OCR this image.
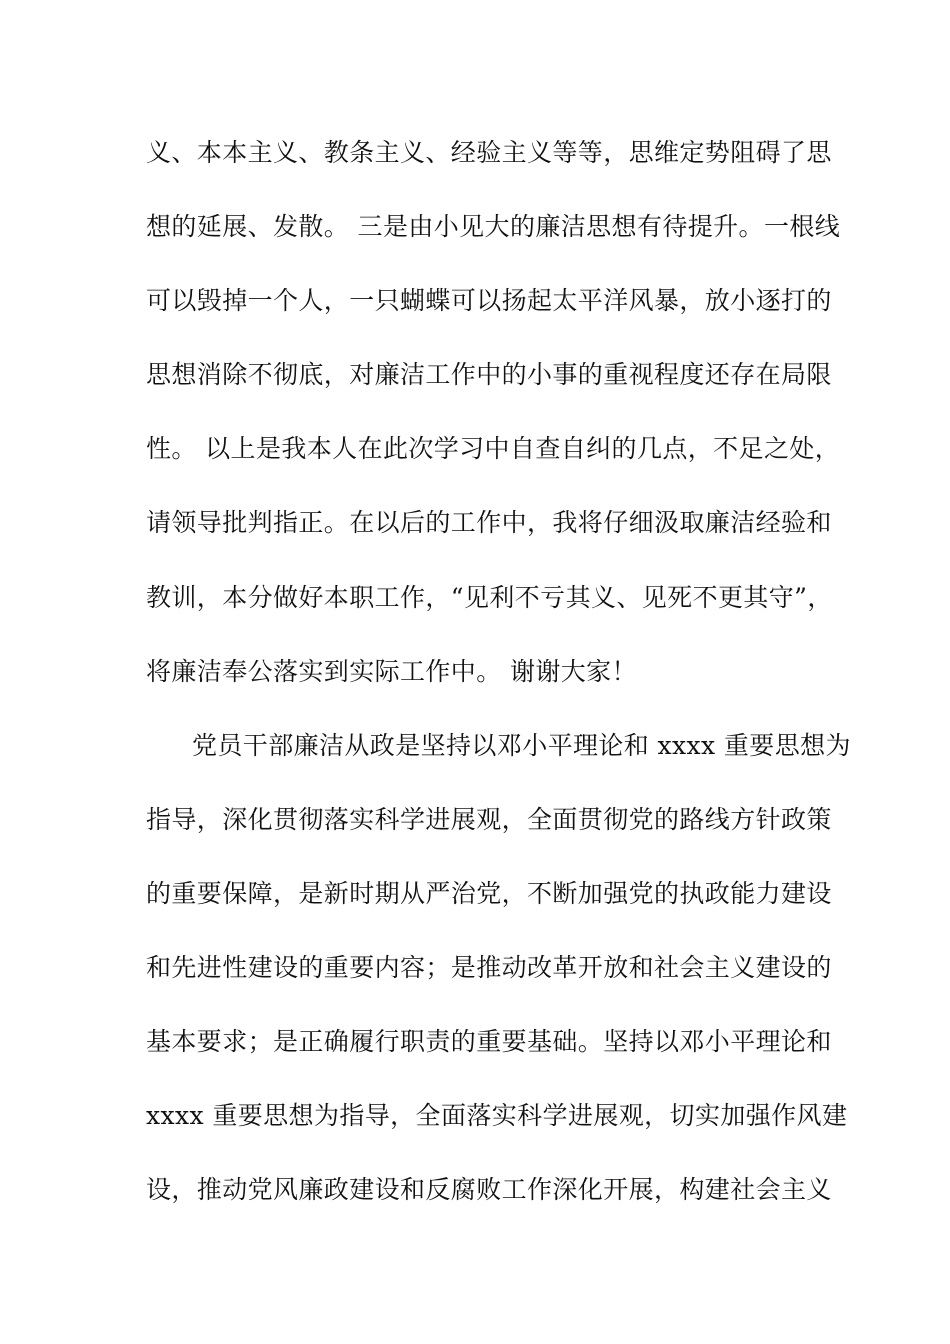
义、本本主义、教条主义、经验主义等等，思维定势阻碍了思
想的延展、发散。 三是由小见大的廉洁思想有待提升。一根线
可以毁掉一个人，一只蝴蝶可以扬起太平洋风暴，放小逐打的
思想消除不彻底，对廉洁工作中的小事的重视程度还存在局限
性。 以上是我本人在此次学习中自查自纠的几点，不足之处，
请领导批判指正。在以后的工作中，我将仔细汲取廉洁经验和
教训，本分做好本职工作，“见利不亏其义、见死不更其守”，
将廉洁奉公落实到实际工作中。 谢谢大家！
党员干部廉洁从政是坚持以邓小平理论和 xxxx 重要思想为
指导，深化贯彻落实科学进展观，全面贯彻党的路线方针政策
的重要保障，是新时期从严治党，不断加强党的执政能力建设
和先进性建设的重要内容；是推动改革开放和社会主义建设的
基本要求；是正确履行职责的重要基础。坚持以邓小平理论和
xxxx 重要思想为指导，全面落实科学进展观，切实加强作风建
设，推动党风廉政建设和反腐败工作深化开展，构建社会主义
